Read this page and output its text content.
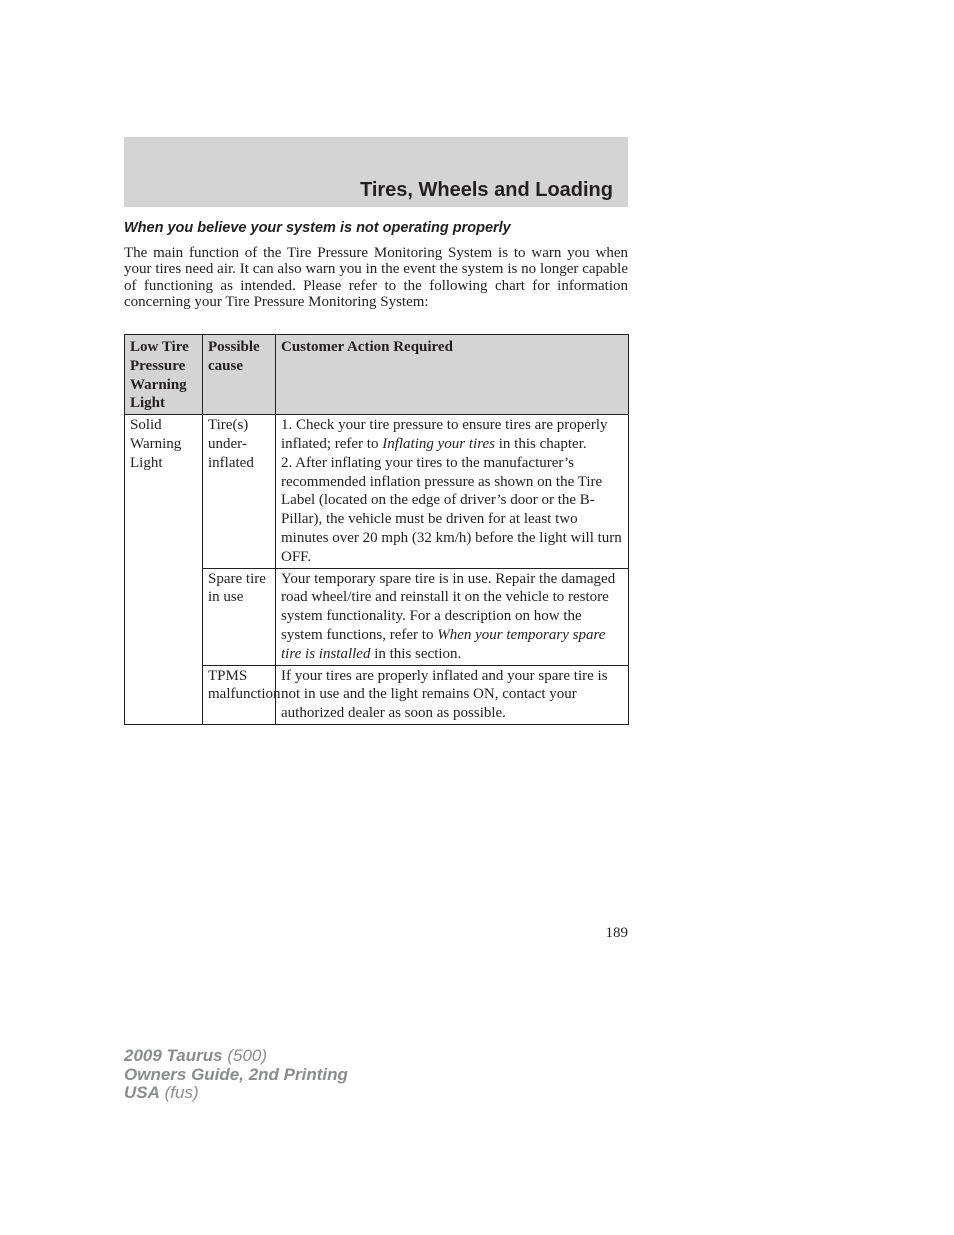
Tires, Wheels and Loading
When you believe your system is not operating properly

The main function of the Tire Pressure Monitoring System is to warn you when your tires need air. It can also warn you in the event the system is no longer capable of functioning as intended. Please refer to the following chart for information concerning your Tire Pressure Monitoring System:

Low Tire Pressure Warning Light	Possible cause	Customer Action Required
Solid Warning Light	Tire(s) under-inflated	1. Check your tire pressure to ensure tires are properly inflated; refer to Inflating your tires in this chapter.
2. After inflating your tires to the manufacturer’s recommended inflation pressure as shown on the Tire Label (located on the edge of driver’s door or the B-Pillar), the vehicle must be driven for at least two minutes over 20 mph (32 km/h) before the light will turn OFF.
	Spare tire in use	Your temporary spare tire is in use. Repair the damaged road wheel/tire and reinstall it on the vehicle to restore system functionality. For a description on how the system functions, refer to When your temporary spare tire is installed in this section.
	TPMS malfunction	If your tires are properly inflated and your spare tire is not in use and the light remains ON, contact your authorized dealer as soon as possible.
189
2009 Taurus (500)
Owners Guide, 2nd Printing
USA (fus)
